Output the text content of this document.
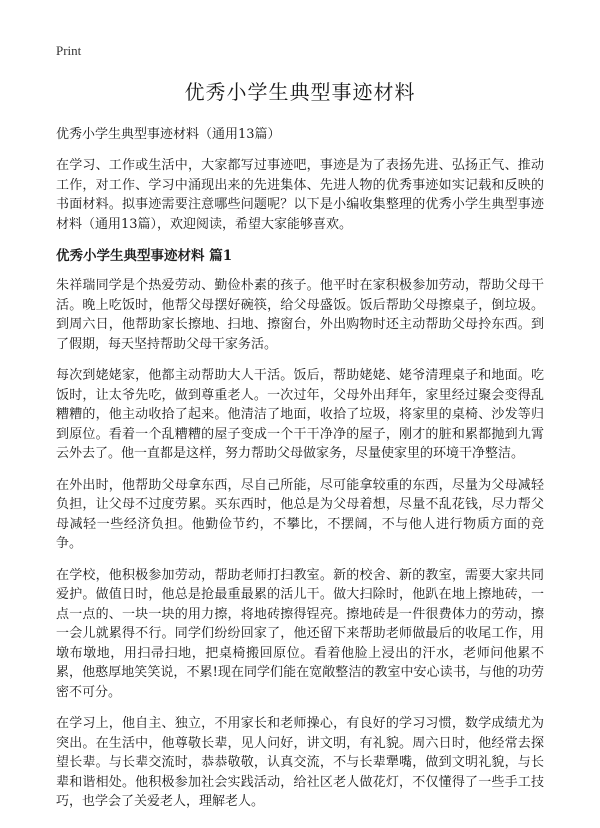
Print
优秀小学生典型事迹材料

优秀小学生典型事迹材料（通用13篇）

在学习、工作或生活中，大家都写过事迹吧，事迹是为了表扬先进、弘扬正气、推动工作，对工作、学习中涌现出来的先进集体、先进人物的优秀事迹如实记载和反映的书面材料。拟事迹需要注意哪些问题呢？以下是小编收集整理的优秀小学生典型事迹材料（通用13篇），欢迎阅读，希望大家能够喜欢。

优秀小学生典型事迹材料 篇1

朱祥瑞同学是个热爱劳动、勤俭朴素的孩子。他平时在家积极参加劳动，帮助父母干活。晚上吃饭时，他帮父母摆好碗筷，给父母盛饭。饭后帮助父母擦桌子，倒垃圾。到周六日，他帮助家长擦地、扫地、擦窗台，外出购物时还主动帮助父母拎东西。到了假期，每天坚持帮助父母干家务活。

每次到姥姥家，他都主动帮助大人干活。饭后，帮助姥姥、姥爷清理桌子和地面。吃饭时，让太爷先吃，做到尊重老人。一次过年，父母外出拜年，家里经过聚会变得乱糟糟的，他主动收拾了起来。他清洁了地面，收拾了垃圾，将家里的桌椅、沙发等归到原位。看着一个乱糟糟的屋子变成一个干干净净的屋子，刚才的脏和累都抛到九霄云外去了。他一直都是这样，努力帮助父母做家务，尽量使家里的环境干净整洁。

在外出时，他帮助父母拿东西，尽自己所能，尽可能拿较重的东西，尽量为父母减轻负担，让父母不过度劳累。买东西时，他总是为父母着想，尽量不乱花钱，尽力帮父母减轻一些经济负担。他勤俭节约，不攀比，不摆阔，不与他人进行物质方面的竞争。

在学校，他积极参加劳动，帮助老师打扫教室。新的校舍、新的教室，需要大家共同爱护。做值日时，他总是抢最重最累的活儿干。做大扫除时，他趴在地上擦地砖，一点一点的、一块一块的用力擦，将地砖擦得锃亮。擦地砖是一件很费体力的劳动，擦一会儿就累得不行。同学们纷纷回家了，他还留下来帮助老师做最后的收尾工作，用墩布墩地，用扫帚扫地，把桌椅搬回原位。看着他脸上浸出的汗水，老师问他累不累，他憨厚地笑笑说，不累!现在同学们能在宽敞整洁的教室中安心读书，与他的功劳密不可分。

在学习上，他自主、独立，不用家长和老师操心，有良好的学习习惯，数学成绩尤为突出。在生活中，他尊敬长辈，见人问好，讲文明，有礼貌。周六日时，他经常去探望长辈。与长辈交流时，恭恭敬敬，认真交流，不与长辈犟嘴，做到文明礼貌，与长辈和谐相处。他积极参加社会实践活动，给社区老人做花灯，不仅懂得了一些手工技巧，也学会了关爱老人，理解老人。
